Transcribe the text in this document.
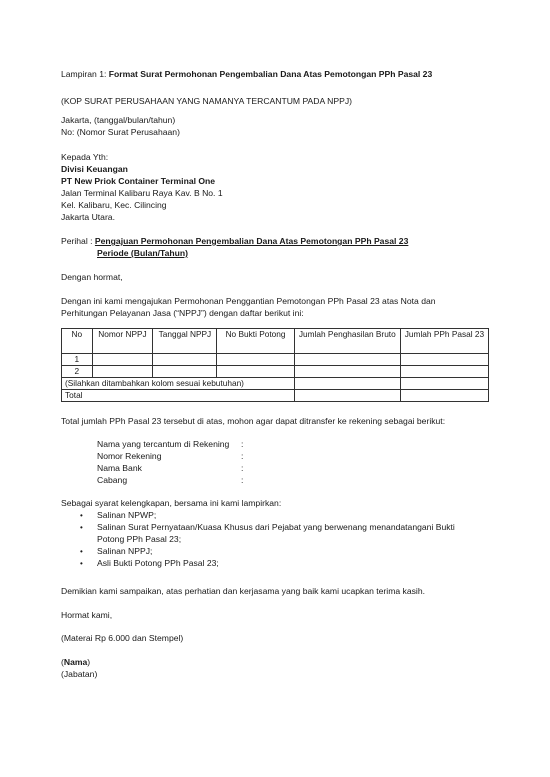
Lampiran 1: Format Surat Permohonan Pengembalian Dana Atas Pemotongan PPh Pasal 23
(KOP SURAT PERUSAHAAN YANG NAMANYA TERCANTUM PADA NPPJ)
Jakarta, (tanggal/bulan/tahun)
No: (Nomor Surat Perusahaan)
Kepada Yth:
Divisi Keuangan
PT New Priok Container Terminal One
Jalan Terminal Kalibaru Raya Kav. B No. 1
Kel. Kalibaru, Kec. Cilincing
Jakarta Utara.
Perihal : Pengajuan Permohonan Pengembalian Dana Atas Pemotongan PPh Pasal 23
Periode (Bulan/Tahun)
Dengan hormat,
Dengan ini kami mengajukan Permohonan Penggantian Pemotongan PPh Pasal 23 atas Nota dan
Perhitungan Pelayanan Jasa (“NPPJ”) dengan daftar berikut ini:
No	Nomor NPPJ	Tanggal NPPJ	No Bukti Potong	Jumlah Penghasilan Bruto	Jumlah PPh Pasal 23
1					
2					
(Silahkan ditambahkan kolom sesuai kebutuhan)					
Total					
Total jumlah PPh Pasal 23 tersebut di atas, mohon agar dapat ditransfer ke rekening sebagai berikut:
Nama yang tercantum di Rekening :
Nomor Rekening	:
Nama Bank	:
Cabang	:
Sebagai syarat kelengkapan, bersama ini kami lampirkan:
• Salinan NPWP;
• Salinan Surat Pernyataan/Kuasa Khusus dari Pejabat yang berwenang menandatangani Bukti
Potong PPh Pasal 23;
• Salinan NPPJ;
• Asli Bukti Potong PPh Pasal 23;
Demikian kami sampaikan, atas perhatian dan kerjasama yang baik kami ucapkan terima kasih.
Hormat kami,
(Materai Rp 6.000 dan Stempel)
(Nama)
(Jabatan)
